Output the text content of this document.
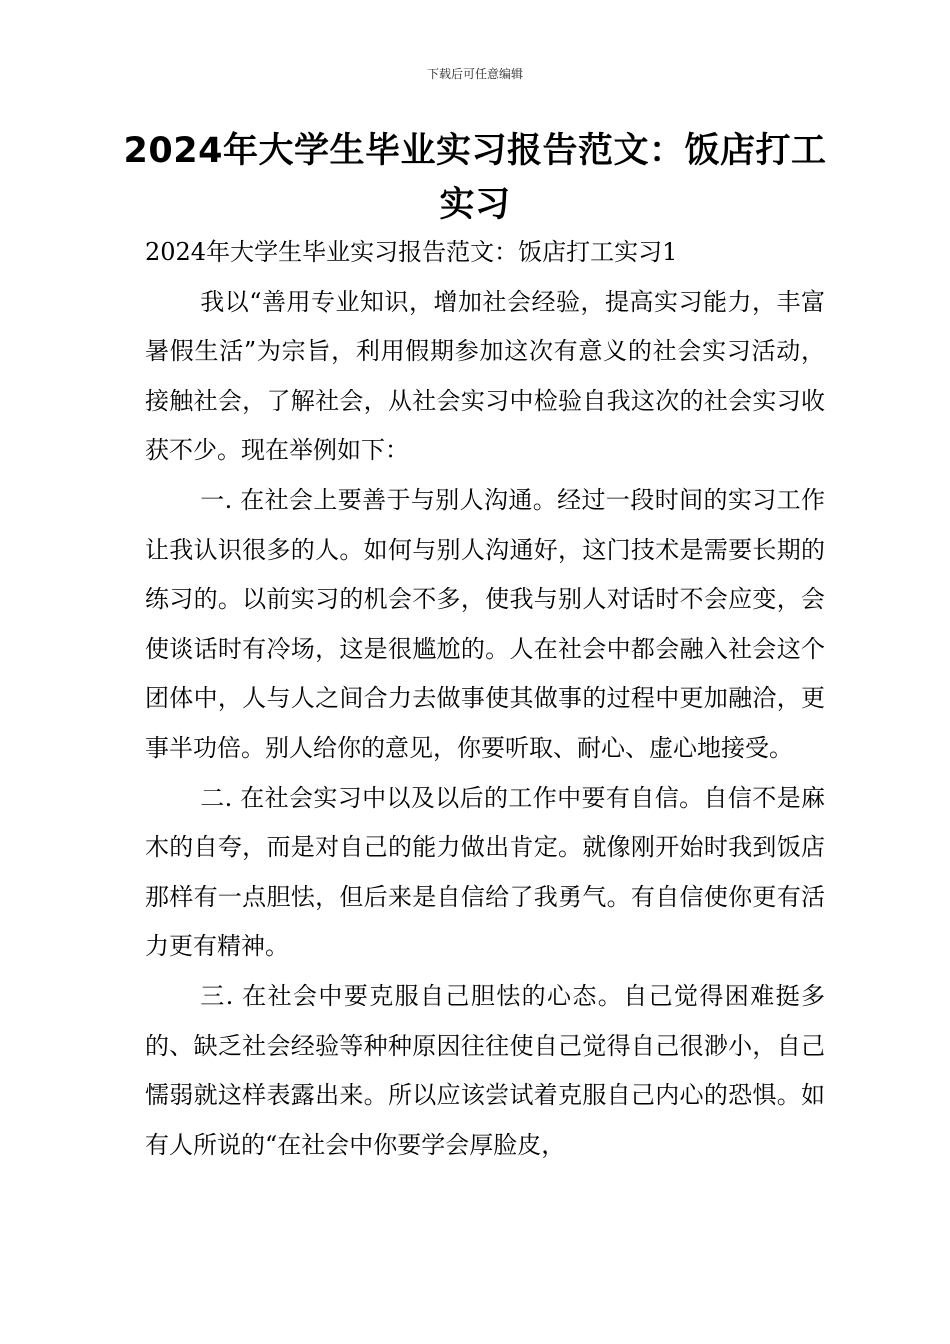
下载后可任意编辑
2024年大学生毕业实习报告范文：饭店打工实习

2024年大学生毕业实习报告范文：饭店打工实习1

我以“善用专业知识，增加社会经验，提高实习能力，丰富暑假生活”为宗旨，利用假期参加这次有意义的社会实习活动，接触社会，了解社会，从社会实习中检验自我这次的社会实习收获不少。现在举例如下：

一. 在社会上要善于与别人沟通。经过一段时间的实习工作让我认识很多的人。如何与别人沟通好，这门技术是需要长期的练习的。以前实习的机会不多，使我与别人对话时不会应变，会使谈话时有冷场，这是很尴尬的。人在社会中都会融入社会这个团体中，人与人之间合力去做事使其做事的过程中更加融洽，更事半功倍。别人给你的意见，你要听取、耐心、虚心地接受。

二. 在社会实习中以及以后的工作中要有自信。自信不是麻木的自夸，而是对自己的能力做出肯定。就像刚开始时我到饭店那样有一点胆怯，但后来是自信给了我勇气。有自信使你更有活力更有精神。

三. 在社会中要克服自己胆怯的心态。自己觉得困难挺多的、缺乏社会经验等种种原因往往使自己觉得自己很渺小，自己懦弱就这样表露出来。所以应该尝试着克服自己内心的恐惧。如有人所说的“在社会中你要学会厚脸皮，
